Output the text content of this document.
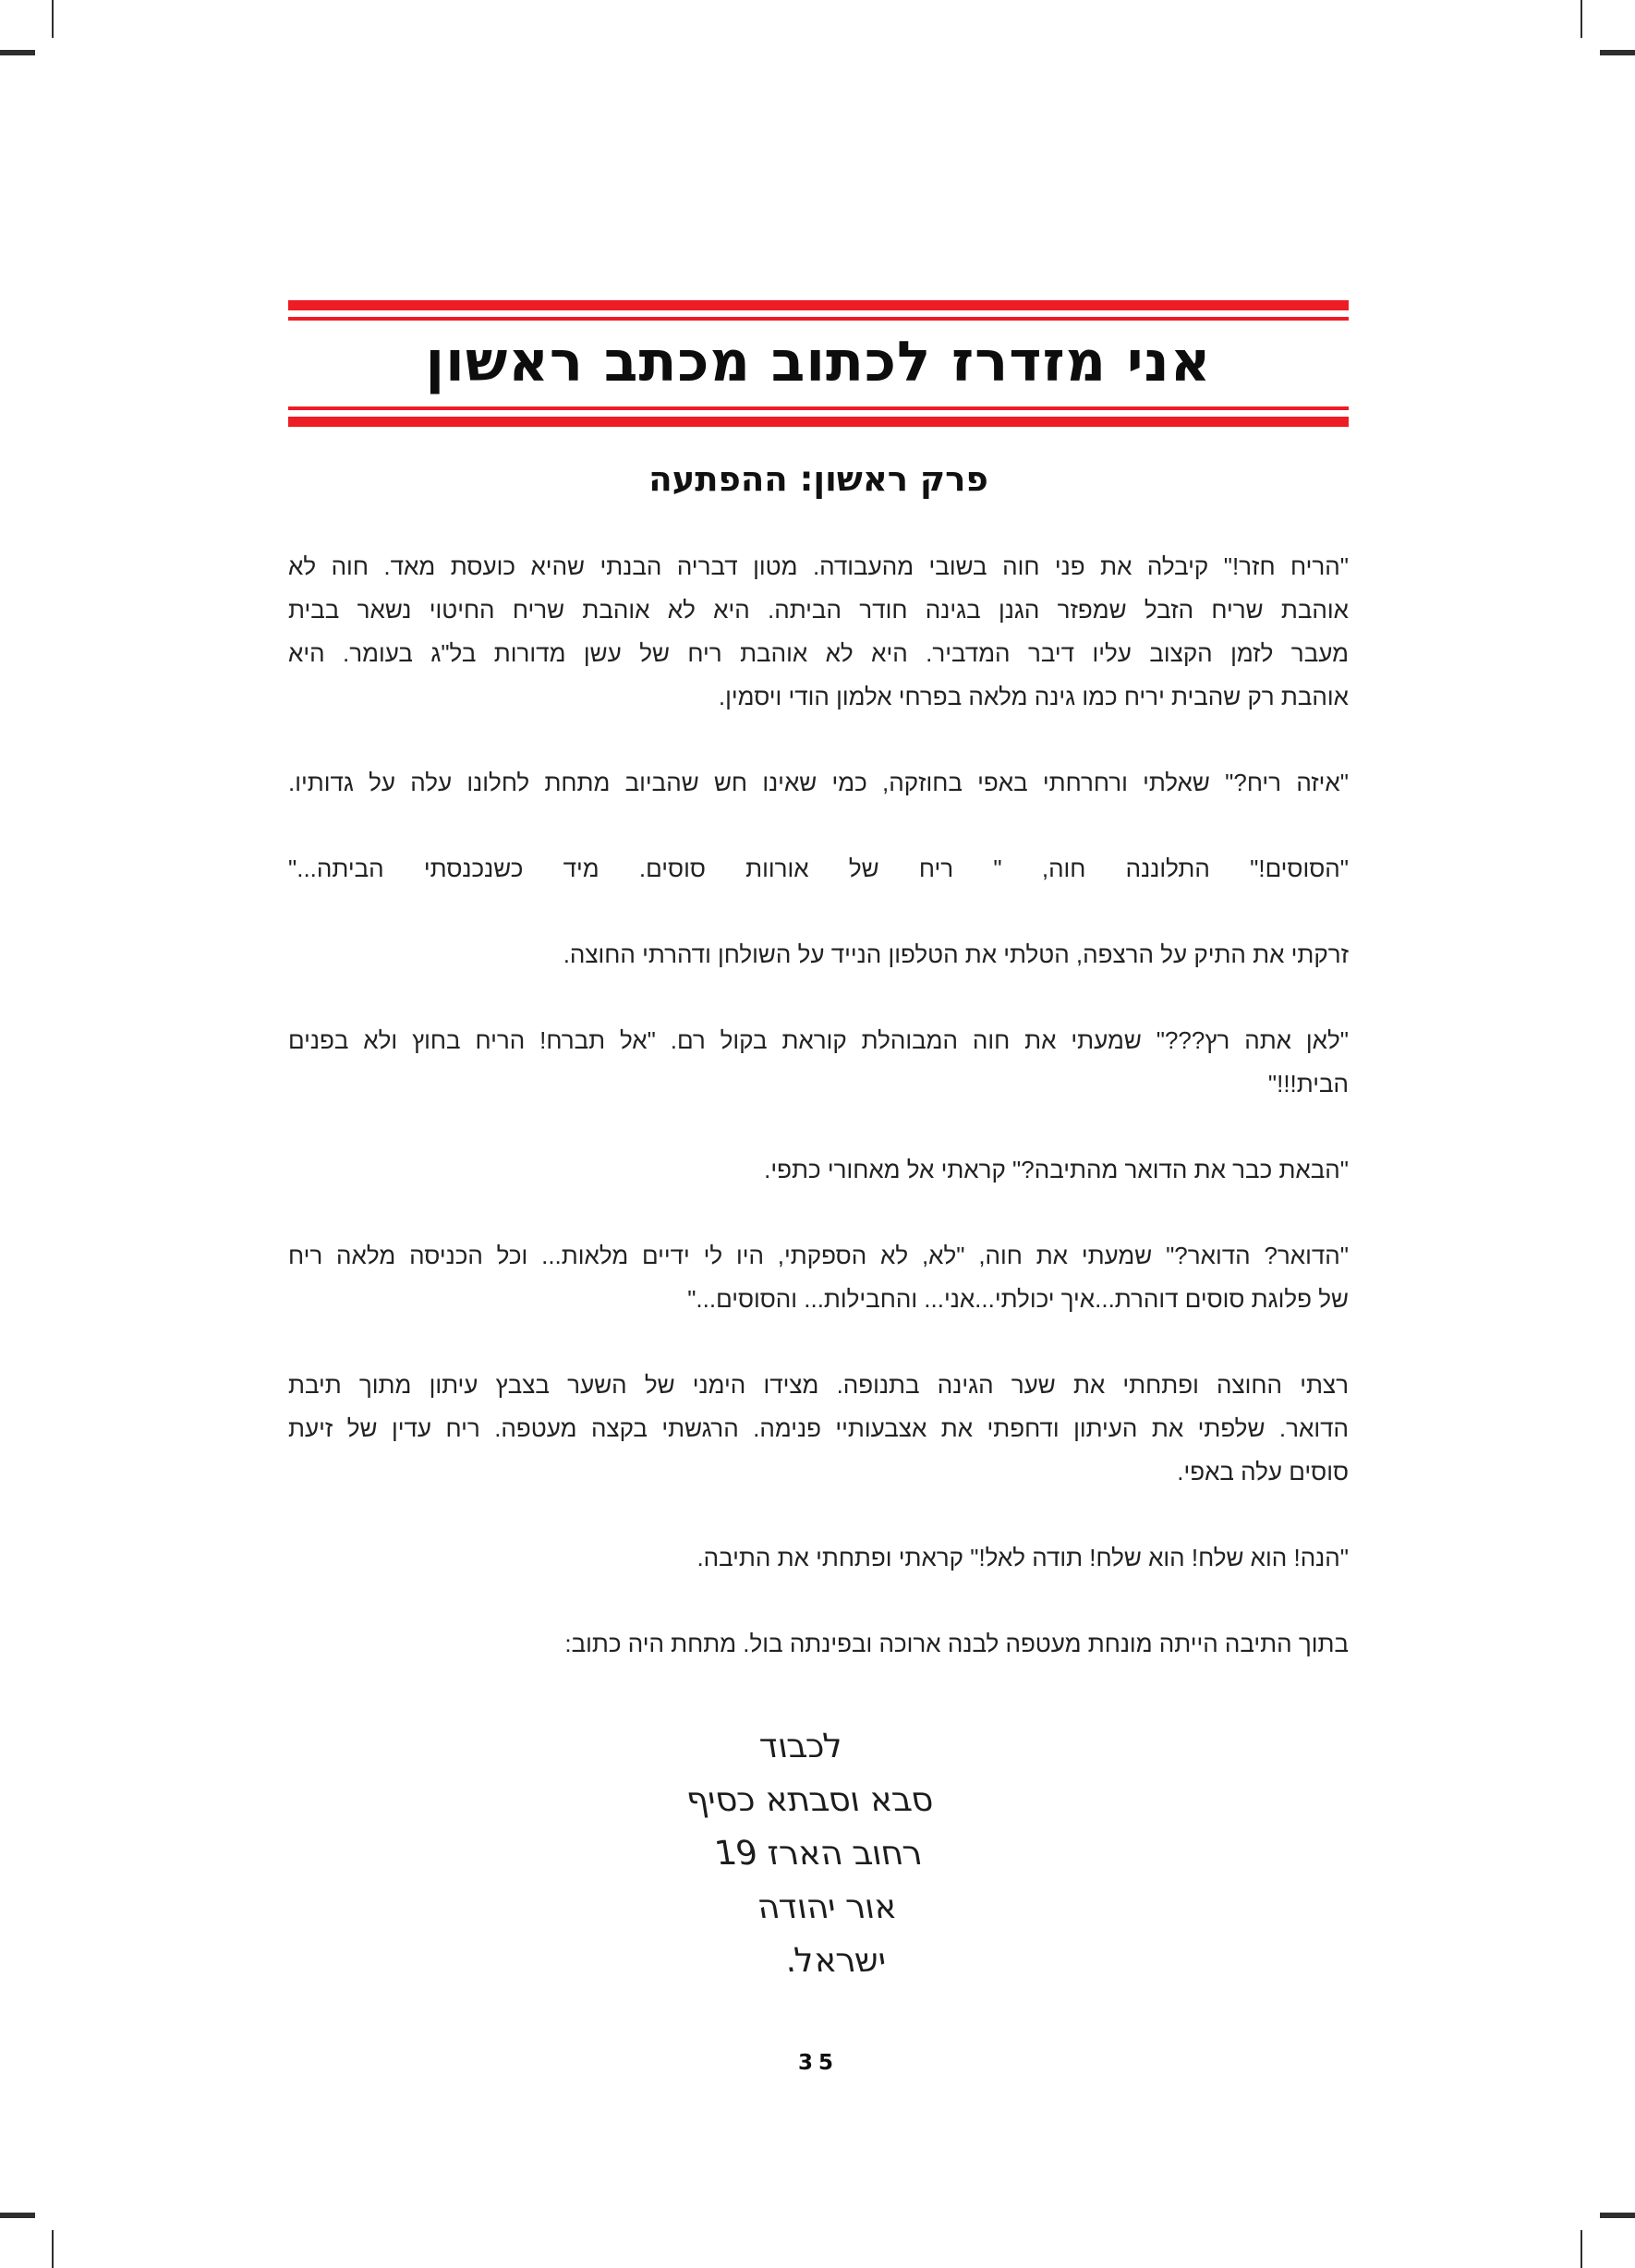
אני מזדרז לכתוב מכתב ראשון
פרק ראשון: ההפתעה

"הריח חזר!" קיבלה את פני חוה בשובי מהעבודה. מטון דבריה הבנתי שהיא כועסת מאד. חוה לא
אוהבת שריח הזבל שמפזר הגנן בגינה חודר הביתה. היא לא אוהבת שריח החיטוי נשאר בבית
מעבר לזמן הקצוב עליו דיבר המדביר. היא לא אוהבת ריח של עשן מדורות בל"ג בעומר. היא
אוהבת רק שהבית יריח כמו גינה מלאה בפרחי אלמון הודי ויסמין.

"איזה ריח?" שאלתי ורחרחתי באפי בחוזקה, כמי שאינו חש שהביוב מתחת לחלונו עלה על גדותיו.

"הסוסים!" התלוננה חוה, " ריח של אורוות סוסים. מיד כשנכנסתי הביתה..."

זרקתי את התיק על הרצפה, הטלתי את הטלפון הנייד על השולחן ודהרתי החוצה.

"לאן אתה רץ???" שמעתי את חוה המבוהלת קוראת בקול רם. "אל תברח! הריח בחוץ ולא בפנים
הבית!!!"

"הבאת כבר את הדואר מהתיבה?" קראתי אל מאחורי כתפי.

"הדואר? הדואר?" שמעתי את חוה, "לא, לא הספקתי, היו לי ידיים מלאות... וכל הכניסה מלאה ריח
של פלוגת סוסים דוהרת...איך יכולתי...אני... והחבילות... והסוסים..."

רצתי החוצה ופתחתי את שער הגינה בתנופה. מצידו הימני של השער בצבץ עיתון מתוך תיבת
הדואר. שלפתי את העיתון ודחפתי את אצבעותיי פנימה. הרגשתי בקצה מעטפה. ריח עדין של זיעת
סוסים עלה באפי.

"הנה! הוא שלח! הוא שלח! תודה לאל!" קראתי ופתחתי את התיבה.

בתוך התיבה הייתה מונחת מעטפה לבנה ארוכה ובפינתה בול. מתחת היה כתוב:

לכבוד
סבא וסבתא כסיף
רחוב הארז 19
אור יהודה
ישראל.
35
